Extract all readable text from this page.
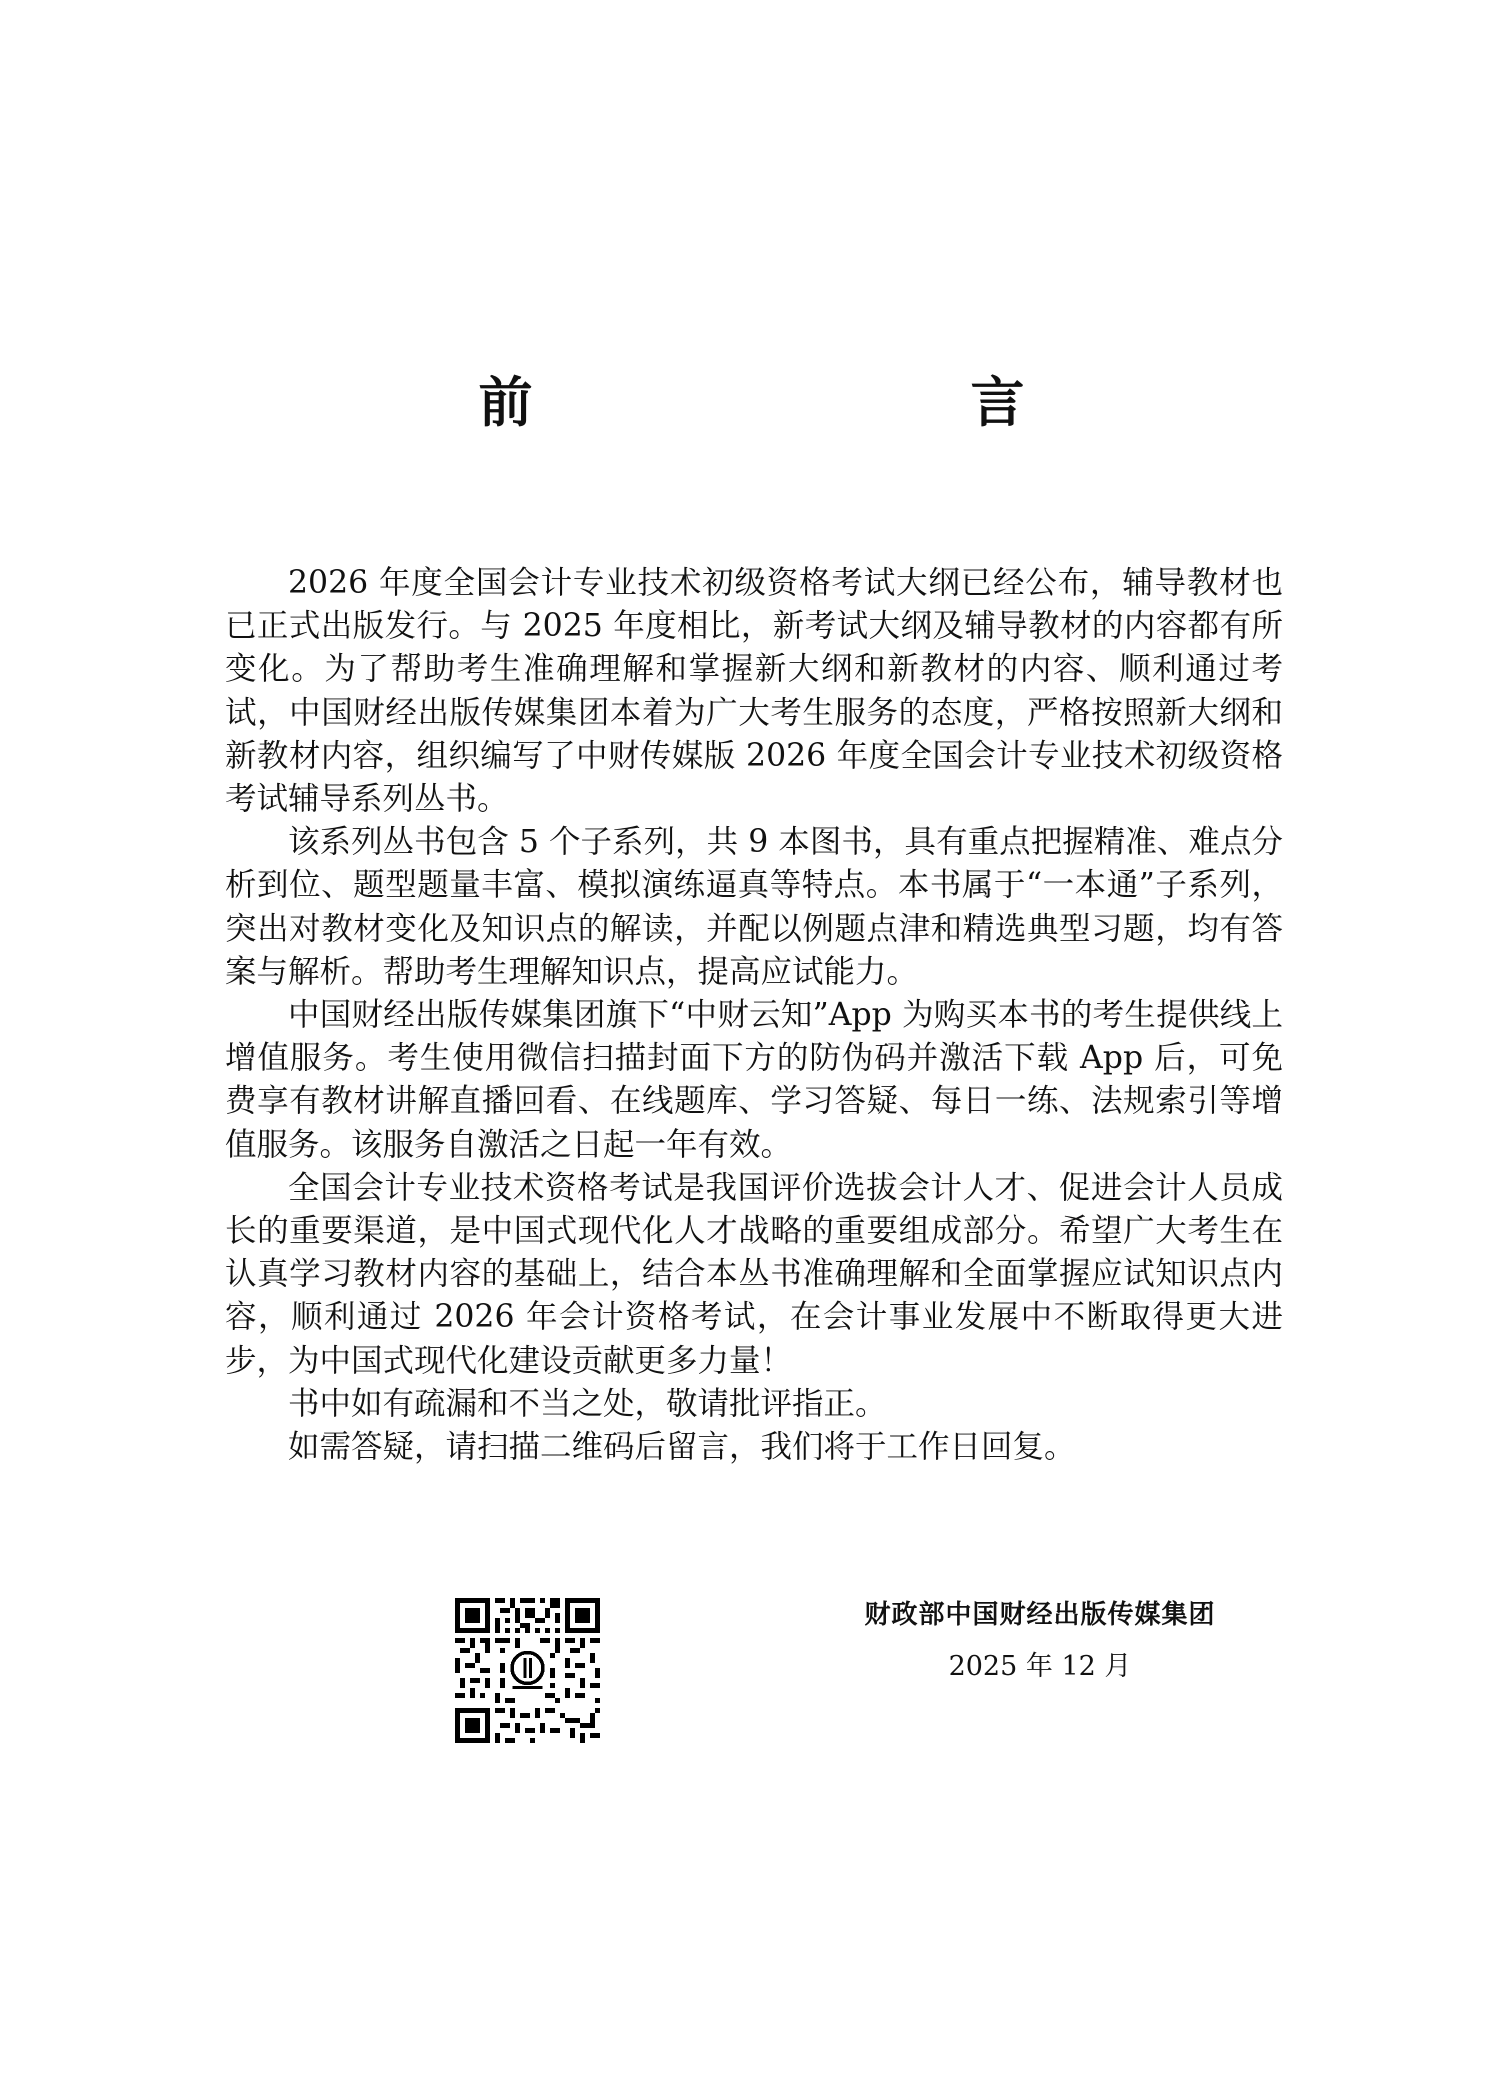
前　　言

2026 年度全国会计专业技术初级资格考试大纲已经公布，辅导教材也已正式出版发行。与 2025 年度相比，新考试大纲及辅导教材的内容都有所变化。为了帮助考生准确理解和掌握新大纲和新教材的内容、顺利通过考试，中国财经出版传媒集团本着为广大考生服务的态度，严格按照新大纲和新教材内容，组织编写了中财传媒版 2026 年度全国会计专业技术初级资格考试辅导系列丛书。

该系列丛书包含 5 个子系列，共 9 本图书，具有重点把握精准、难点分析到位、题型题量丰富、模拟演练逼真等特点。本书属于“一本通”子系列，突出对教材变化及知识点的解读，并配以例题点津和精选典型习题，均有答案与解析。帮助考生理解知识点，提高应试能力。

中国财经出版传媒集团旗下“中财云知”App 为购买本书的考生提供线上增值服务。考生使用微信扫描封面下方的防伪码并激活下载 App 后，可免费享有教材讲解直播回看、在线题库、学习答疑、每日一练、法规索引等增值服务。该服务自激活之日起一年有效。

全国会计专业技术资格考试是我国评价选拔会计人才、促进会计人员成长的重要渠道，是中国式现代化人才战略的重要组成部分。希望广大考生在认真学习教材内容的基础上，结合本丛书准确理解和全面掌握应试知识点内容，顺利通过 2026 年会计资格考试，在会计事业发展中不断取得更大进步，为中国式现代化建设贡献更多力量！

书中如有疏漏和不当之处，敬请批评指正。

如需答疑，请扫描二维码后留言，我们将于工作日回复。

财政部中国财经出版传媒集团
2025 年 12 月
